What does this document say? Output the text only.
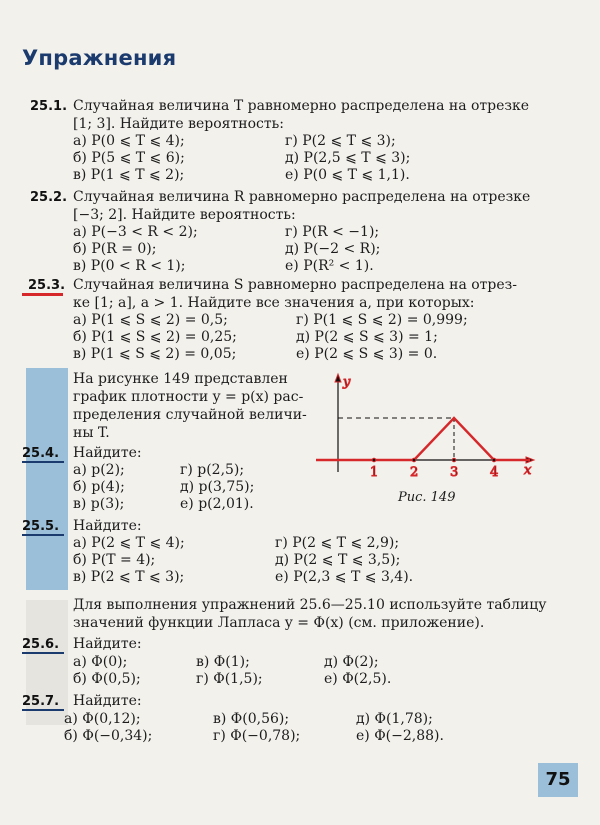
Упражнения
25.1. Случайная величина T равномерно распределена на отрезке
[1; 3]. Найдите вероятность:
а) P(0 ⩽ T ⩽ 4);
б) P(5 ⩽ T ⩽ 6);
в) P(1 ⩽ T ⩽ 2);
г) P(2 ⩽ T ⩽ 3);
д) P(2,5 ⩽ T ⩽ 3);
е) P(0 ⩽ T ⩽ 1,1).
25.2. Случайная величина R равномерно распределена на отрезке
[−3; 2]. Найдите вероятность:
а) P(−3 < R < 2);
б) P(R = 0);
в) P(0 < R < 1);
г) P(R < −1);
д) P(−2 < R);
е) P(R² < 1).
25.3. Случайная величина S равномерно распределена на отрез-
ке [1; a], a > 1. Найдите все значения a, при которых:
а) P(1 ⩽ S ⩽ 2) = 0,5;
б) P(1 ⩽ S ⩽ 2) = 0,25;
в) P(1 ⩽ S ⩽ 2) = 0,05;
г) P(1 ⩽ S ⩽ 2) = 0,999;
д) P(2 ⩽ S ⩽ 3) = 1;
е) P(2 ⩽ S ⩽ 3) = 0.
На рисунке 149 представлен
график плотности y = p(x) рас-
пределения случайной величи-
ны T.
y
x
1 2 3 4
Рис. 149
25.4. Найдите:
а) p(2);
б) p(4);
в) p(3);
г) p(2,5);
д) p(3,75);
е) p(2,01).
25.5. Найдите:
а) P(2 ⩽ T ⩽ 4);
б) P(T = 4);
в) P(2 ⩽ T ⩽ 3);
г) P(2 ⩽ T ⩽ 2,9);
д) P(2 ⩽ T ⩽ 3,5);
е) P(2,3 ⩽ T ⩽ 3,4).
Для выполнения упражнений 25.6—25.10 используйте таблицу
значений функции Лапласа y = Φ(x) (см. приложение).
25.6. Найдите:
а) Φ(0);
б) Φ(0,5);
в) Φ(1);
г) Φ(1,5);
д) Φ(2);
е) Φ(2,5).
25.7. Найдите:
а) Φ(0,12);
б) Φ(−0,34);
в) Φ(0,56);
г) Φ(−0,78);
д) Φ(1,78);
е) Φ(−2,88).
75
